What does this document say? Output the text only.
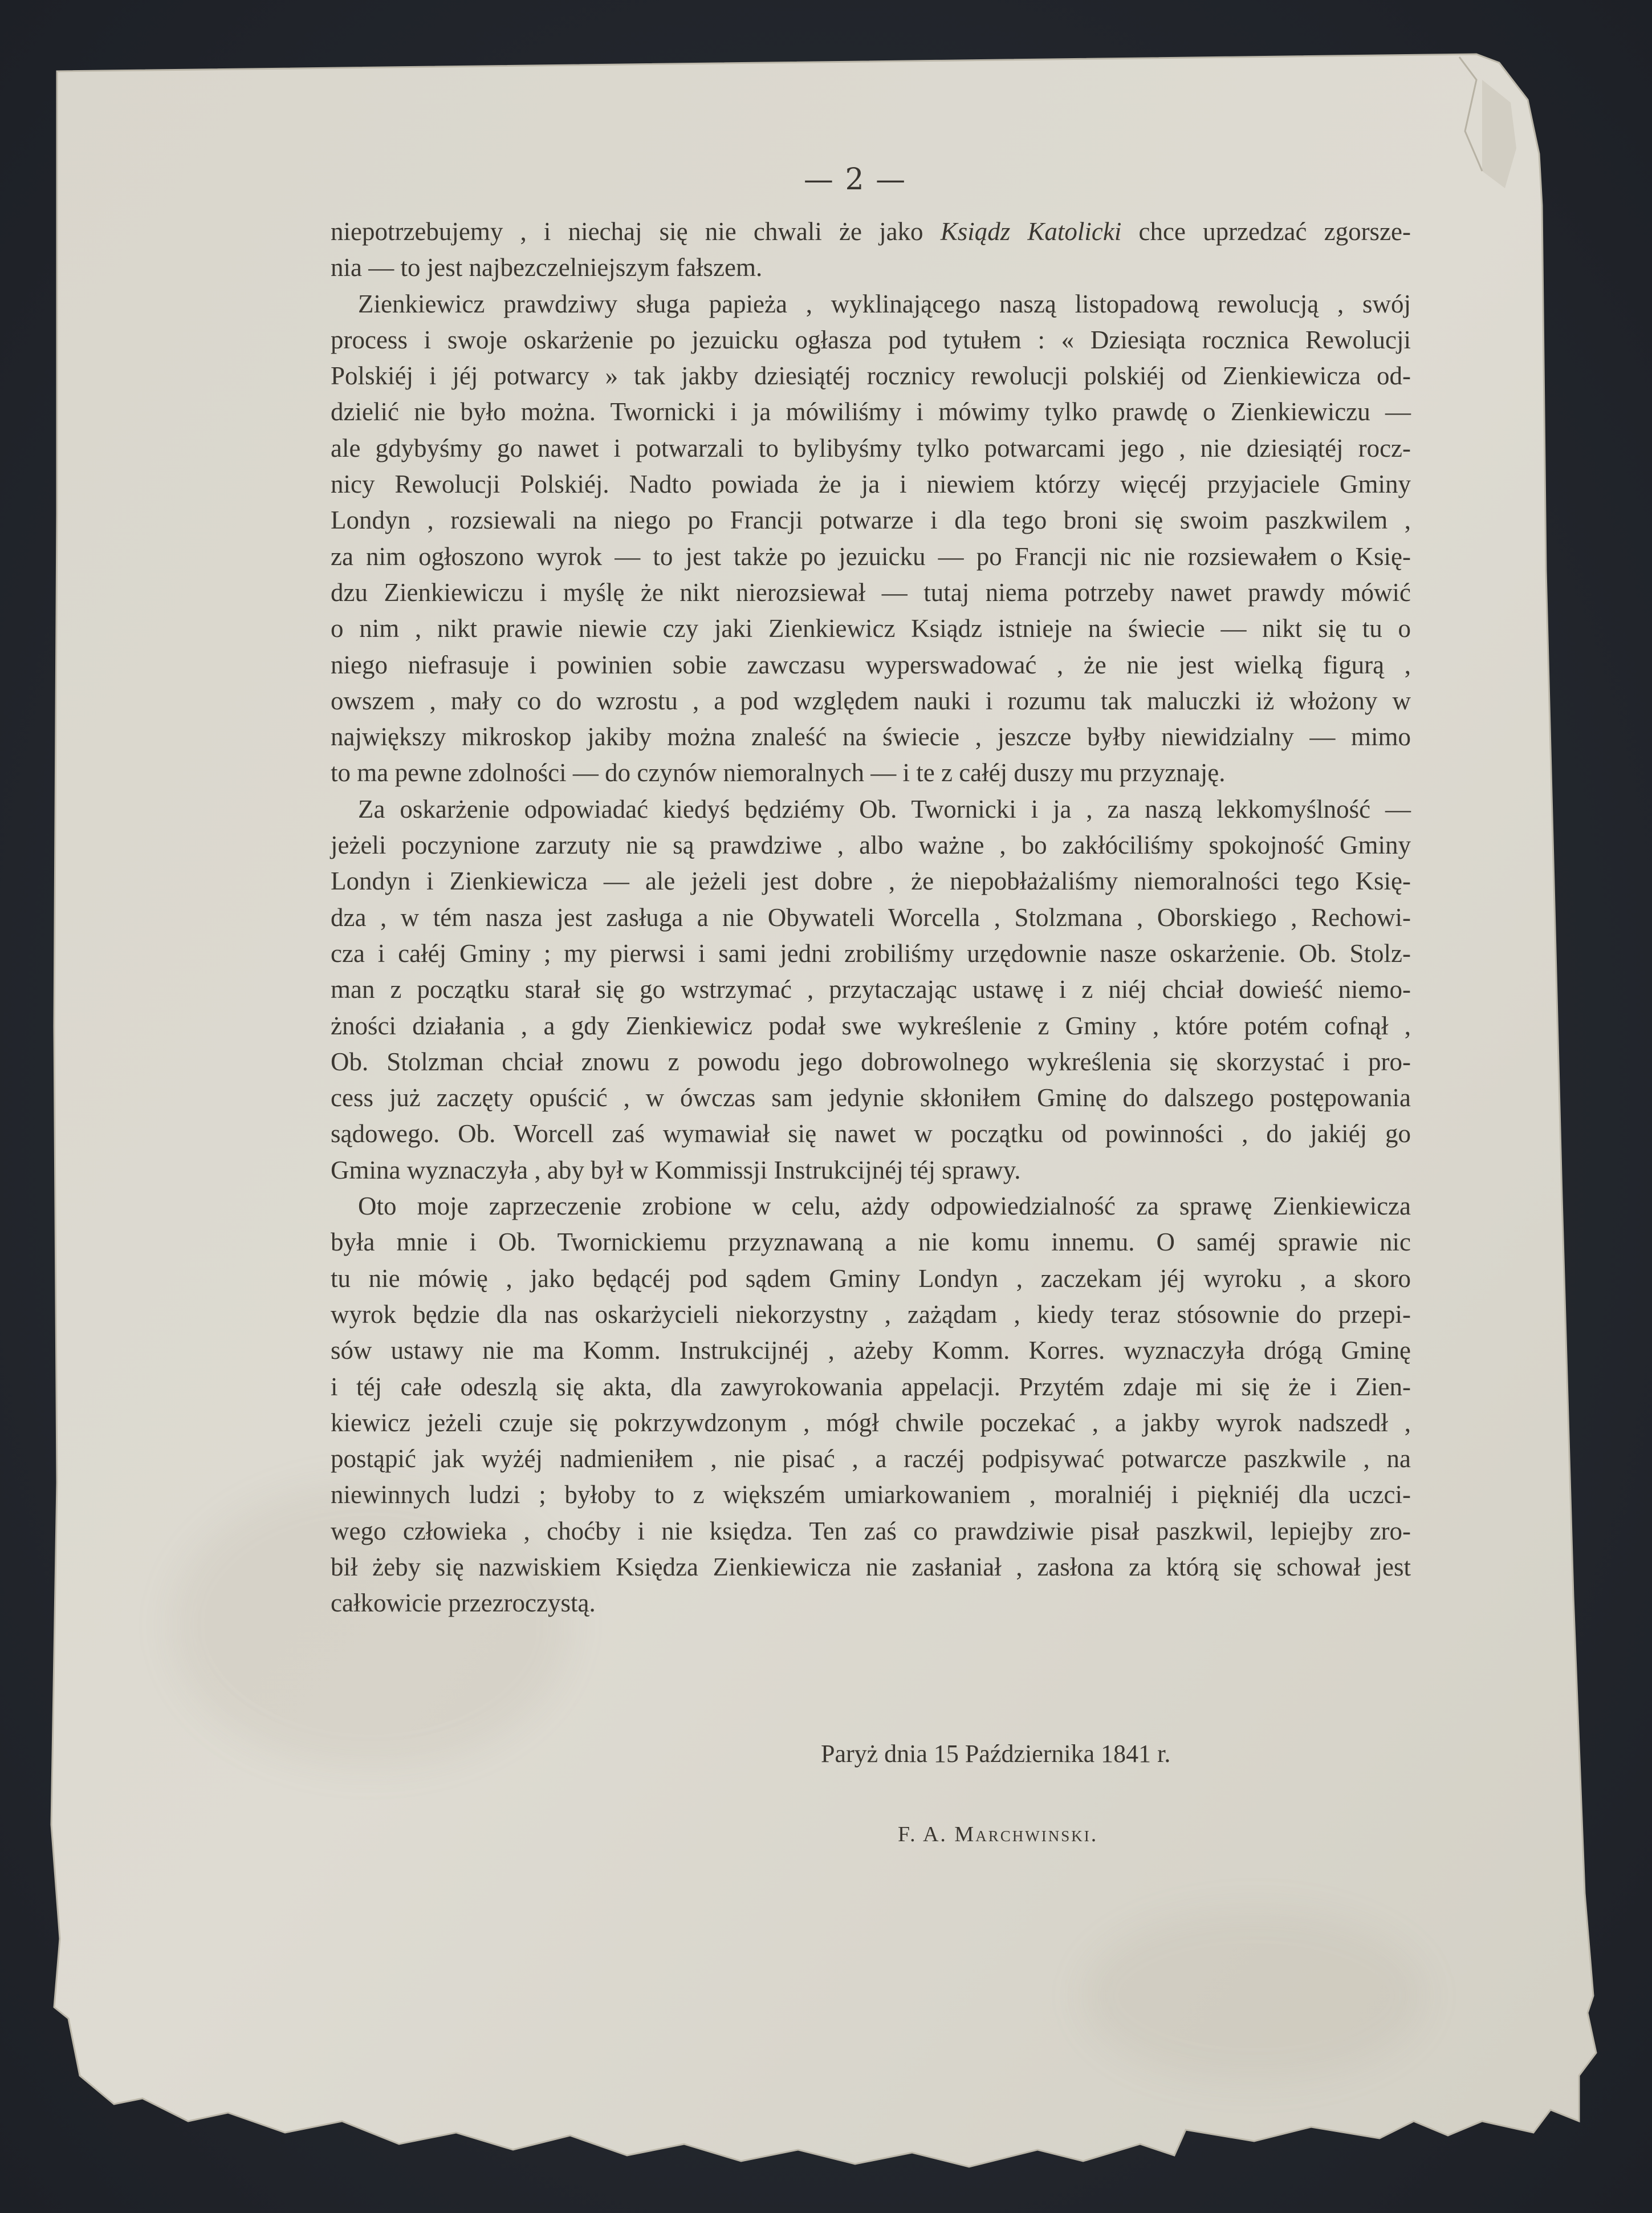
— 2 —
niepotrzebujemy , i niechaj się nie chwali że jako Ksiądz Katolicki chce uprzedzać zgorsze-
nia — to jest najbezczelniejszym fałszem.
Zienkiewicz prawdziwy sługa papieża , wyklinającego naszą listopadową rewolucją , swój
process i swoje oskarżenie po jezuicku ogłasza pod tytułem : « Dziesiąta rocznica Rewolucji
Polskiéj i jéj potwarcy » tak jakby dziesiątéj rocznicy rewolucji polskiéj od Zienkiewicza od-
dzielić nie było można. Twornicki i ja mówiliśmy i mówimy tylko prawdę o Zienkiewiczu —
ale gdybyśmy go nawet i potwarzali to bylibyśmy tylko potwarcami jego , nie dziesiątéj rocz-
nicy Rewolucji Polskiéj. Nadto powiada że ja i niewiem którzy więcéj przyjaciele Gminy
Londyn , rozsiewali na niego po Francji potwarze i dla tego broni się swoim paszkwilem ,
za nim ogłoszono wyrok — to jest także po jezuicku — po Francji nic nie rozsiewałem o Księ-
dzu Zienkiewiczu i myślę że nikt nierozsiewał — tutaj niema potrzeby nawet prawdy mówić
o nim , nikt prawie niewie czy jaki Zienkiewicz Ksiądz istnieje na świecie — nikt się tu o
niego niefrasuje i powinien sobie zawczasu wyperswadować , że nie jest wielką figurą ,
owszem , mały co do wzrostu , a pod względem nauki i rozumu tak maluczki iż włożony w
największy mikroskop jakiby można znaleść na świecie , jeszcze byłby niewidzialny — mimo
to ma pewne zdolności — do czynów niemoralnych — i te z całéj duszy mu przyznaję.
Za oskarżenie odpowiadać kiedyś będziémy Ob. Twornicki i ja , za naszą lekkomyślność —
jeżeli poczynione zarzuty nie są prawdziwe , albo ważne , bo zakłóciliśmy spokojność Gminy
Londyn i Zienkiewicza — ale jeżeli jest dobre , że niepobłażaliśmy niemoralności tego Księ-
dza , w tém nasza jest zasługa a nie Obywateli Worcella , Stolzmana , Oborskiego , Rechowi-
cza i całéj Gminy ; my pierwsi i sami jedni zrobiliśmy urzędownie nasze oskarżenie. Ob. Stolz-
man z początku starał się go wstrzymać , przytaczając ustawę i z niéj chciał dowieść niemo-
żności działania , a gdy Zienkiewicz podał swe wykreślenie z Gminy , które potém cofnął ,
Ob. Stolzman chciał znowu z powodu jego dobrowolnego wykreślenia się skorzystać i pro-
cess już zaczęty opuścić , w ówczas sam jedynie skłoniłem Gminę do dalszego postępowania
sądowego. Ob. Worcell zaś wymawiał się nawet w początku od powinności , do jakiéj go
Gmina wyznaczyła , aby był w Kommissji Instrukcijnéj téj sprawy.
Oto moje zaprzeczenie zrobione w celu, ażdy odpowiedzialność za sprawę Zienkiewicza
była mnie i Ob. Twornickiemu przyznawaną a nie komu innemu. O saméj sprawie nic
tu nie mówię , jako będącéj pod sądem Gminy Londyn , zaczekam jéj wyroku , a skoro
wyrok będzie dla nas oskarżycieli niekorzystny , zażądam , kiedy teraz stósownie do przepi-
sów ustawy nie ma Komm. Instrukcijnéj , ażeby Komm. Korres. wyznaczyła drógą Gminę
i téj całe odeszlą się akta, dla zawyrokowania appelacji. Przytém zdaje mi się że i Zien-
kiewicz jeżeli czuje się pokrzywdzonym , mógł chwile poczekać , a jakby wyrok nadszedł ,
postąpić jak wyżéj nadmieniłem , nie pisać , a raczéj podpisywać potwarcze paszkwile , na
niewinnych ludzi ; byłoby to z większém umiarkowaniem , moralniéj i piękniéj dla uczci-
wego człowieka , choćby i nie księdza. Ten zaś co prawdziwie pisał paszkwil, lepiejby zro-
bił żeby się nazwiskiem Księdza Zienkiewicza nie zasłaniał , zasłona za którą się schował jest
całkowicie przezroczystą.
Paryż dnia 15 Października 1841 r.
F. A. Marchwinski.
